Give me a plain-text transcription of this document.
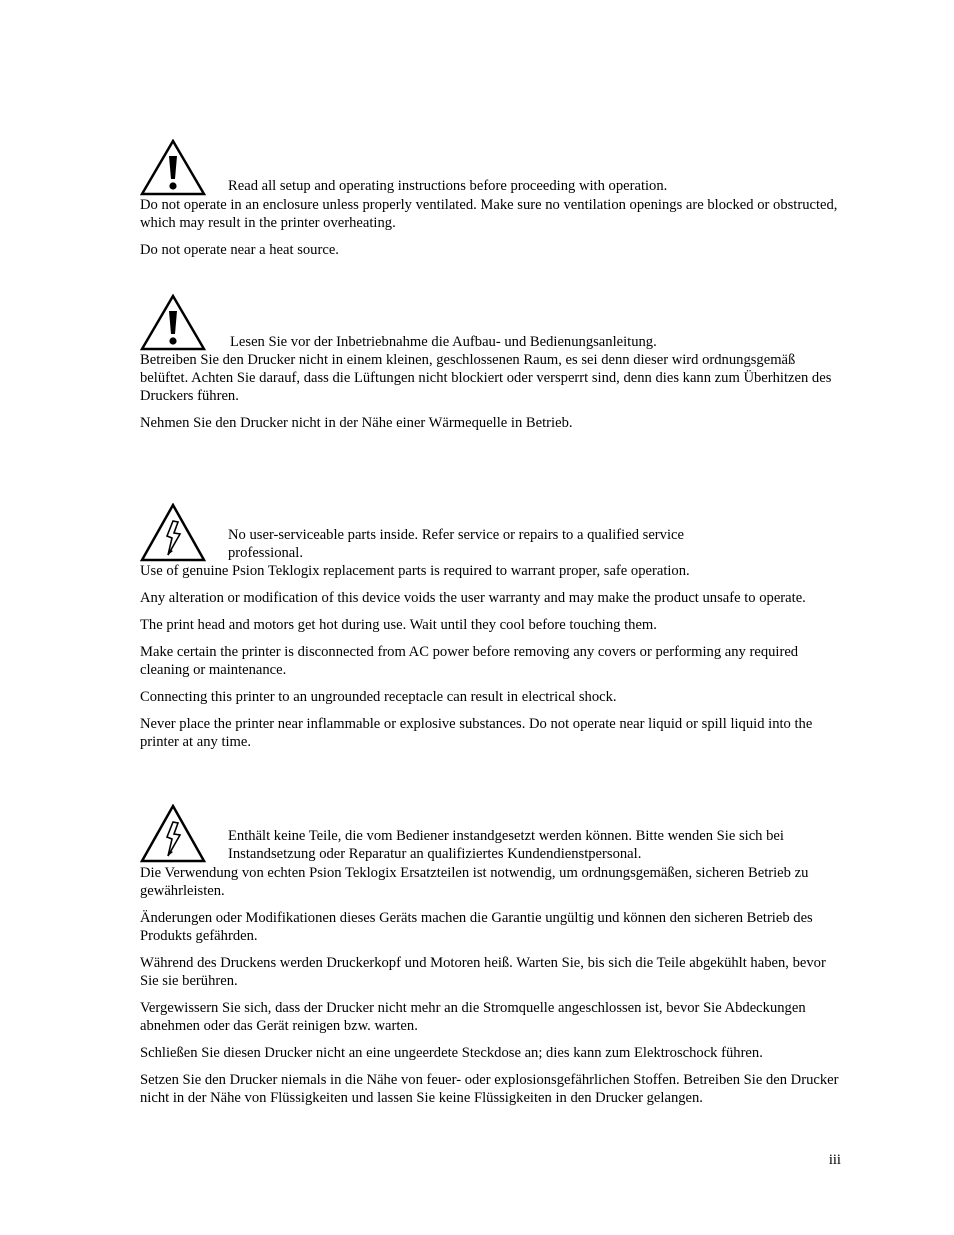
Read all setup and operating instructions before proceeding with operation.

Do not operate in an enclosure unless properly ventilated. Make sure no ventilation openings are blocked or obstructed, which may result in the printer overheating.

Do not operate near a heat source.

Lesen Sie vor der Inbetriebnahme die Aufbau- und Bedienungsanleitung.

Betreiben Sie den Drucker nicht in einem kleinen, geschlossenen Raum, es sei denn dieser wird ordnungsgemäß belüftet. Achten Sie darauf, dass die Lüftungen nicht blockiert oder versperrt sind, denn dies kann zum Überhitzen des Druckers führen.

Nehmen Sie den Drucker nicht in der Nähe einer Wärmequelle in Betrieb.

No user-serviceable parts inside. Refer service or repairs to a qualified service professional.

Use of genuine Psion Teklogix replacement parts is required to warrant proper, safe operation.

Any alteration or modification of this device voids the user warranty and may make the product unsafe to operate.

The print head and motors get hot during use. Wait until they cool before touching them.

Make certain the printer is disconnected from AC power before removing any covers or performing any required cleaning or maintenance.

Connecting this printer to an ungrounded receptacle can result in electrical shock.

Never place the printer near inflammable or explosive substances. Do not operate near liquid or spill liquid into the printer at any time.

Enthält keine Teile, die vom Bediener instandgesetzt werden können. Bitte wenden Sie sich bei Instandsetzung oder Reparatur an qualifiziertes Kundendienstpersonal.

Die Verwendung von echten Psion Teklogix Ersatzteilen ist notwendig, um ordnungsgemäßen, sicheren Betrieb zu gewährleisten.

Änderungen oder Modifikationen dieses Geräts machen die Garantie ungültig und können den sicheren Betrieb des Produkts gefährden.

Während des Druckens werden Druckerkopf und Motoren heiß. Warten Sie, bis sich die Teile abgekühlt haben, bevor Sie sie berühren.

Vergewissern Sie sich, dass der Drucker nicht mehr an die Stromquelle angeschlossen ist, bevor Sie Abdeckungen abnehmen oder das Gerät reinigen bzw. warten.

Schließen Sie diesen Drucker nicht an eine ungeerdete Steckdose an; dies kann zum Elektroschock führen.

Setzen Sie den Drucker niemals in die Nähe von feuer- oder explosionsgefährlichen Stoffen. Betreiben Sie den Drucker nicht in der Nähe von Flüssigkeiten und lassen Sie keine Flüssigkeiten in den Drucker gelangen.

iii
